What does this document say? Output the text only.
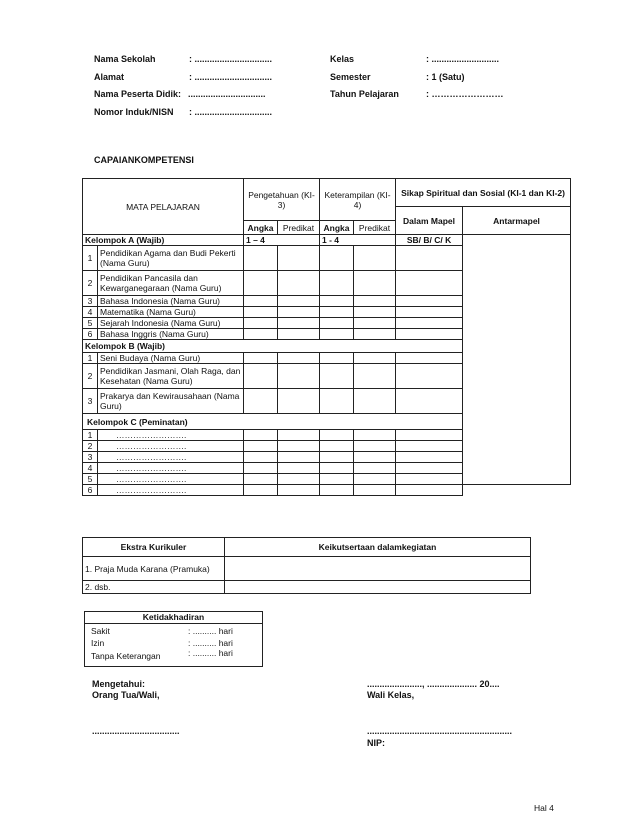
Nama Sekolah	: ...............................	Kelas	: ...........................
Alamat	: ...............................	Semester	: 1 (Satu)
Nama Peserta Didik: ...............................	Tahun Pelajaran	: ……………………
Nomor Induk/NISN : ...............................
CAPAIANKOMPETENSI
MATA PELAJARAN		Pengetahuan (KI-3)		Keterampilan (KI-4)		Sikap Spiritual dan Sosial (KI-1 dan KI-2)	
						Dalam Mapel	Antarmapel
		Angka	Predikat	Angka	Predikat		
Kelompok A (Wajib)		1 – 4		1 - 4		SB/ B/ C/ K	
1	Pendidikan Agama dan Budi Pekerti (Nama Guru)						
2	Pendidikan Pancasila dan Kewarganegaraan (Nama Guru)						
3	Bahasa Indonesia (Nama Guru)						
4	Matematika (Nama Guru)						
5	Sejarah Indonesia (Nama Guru)						
6	Bahasa Inggris (Nama Guru)						
Kelompok B (Wajib)							
1	Seni Budaya (Nama Guru)						
2	Pendidikan Jasmani, Olah Raga, dan Kesehatan (Nama Guru)						
3	Prakarya dan Kewirausahaan (Nama Guru)						
Kelompok C (Peminatan)							
1	…………………….						
2	…………………….						
3	…………………….						
4	…………………….						
5	…………………….						
6	…………………….						
Ekstra Kurikuler	Keikutsertaan dalamkegiatan
1. Praja Muda Karana (Pramuka)	
2. dsb.	
Ketidakhadiran
Sakit	: .......... hari
Izin	: .......... hari
Tanpa Keterangan	: .......... hari
Mengetahui:
Orang Tua/Wali,
......................, .................... 20....
Wali Kelas,
...................................	..........................................................
NIP:
Hal 4
